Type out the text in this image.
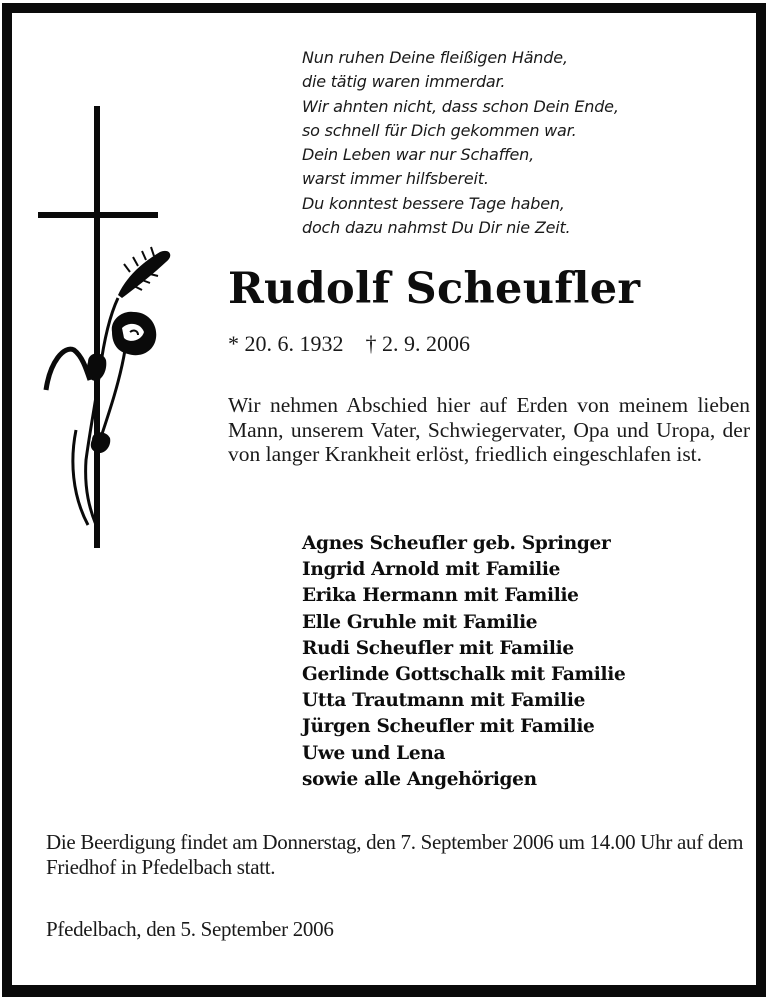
Nun ruhen Deine fleißigen Hände,
die tätig waren immerdar.
Wir ahnten nicht, dass schon Dein Ende,
so schnell für Dich gekommen war.
Dein Leben war nur Schaffen,
warst immer hilfsbereit.
Du konntest bessere Tage haben,
doch dazu nahmst Du Dir nie Zeit.
Rudolf Scheufler
* 20. 6. 1932 † 2. 9. 2006
Wir nehmen Abschied hier auf Erden von meinem lieben Mann, unserem Vater, Schwiegervater, Opa und Uropa, der von langer Krankheit erlöst, friedlich eingeschlafen ist.
Agnes Scheufler geb. Springer
Ingrid Arnold mit Familie
Erika Hermann mit Familie
Elle Gruhle mit Familie
Rudi Scheufler mit Familie
Gerlinde Gottschalk mit Familie
Utta Trautmann mit Familie
Jürgen Scheufler mit Familie
Uwe und Lena
sowie alle Angehörigen
Die Beerdigung findet am Donnerstag, den 7. September 2006 um 14.00 Uhr auf dem Friedhof in Pfedelbach statt.
Pfedelbach, den 5. September 2006
